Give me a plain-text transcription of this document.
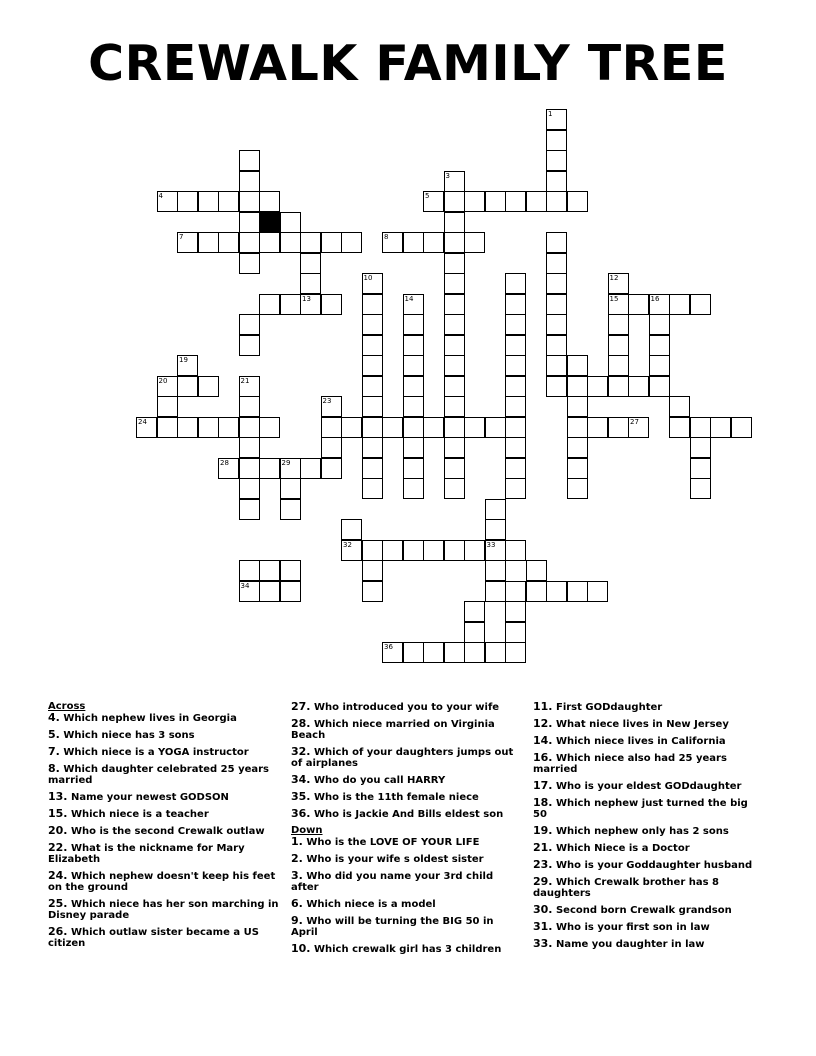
CREWALK FAMILY TREE
1
3
4	5
7	8
10	12
13	14	15	16
19
20	21
23
24	27
28	29
32	33
34
36
Across
4. Which nephew lives in Georgia
5. Which niece has 3 sons
7. Which niece is a YOGA instructor
8. Which daughter celebrated 25 years married
13. Name your newest GODSON
15. Which niece is a teacher
20. Who is the second Crewalk outlaw
22. What is the nickname for Mary Elizabeth
24. Which nephew doesn't keep his feet on the ground
25. Which niece has her son marching in Disney parade
26. Which outlaw sister became a US citizen
27. Who introduced you to your wife
28. Which niece married on Virginia Beach
32. Which of your daughters jumps out of airplanes
34. Who do you call HARRY
35. Who is the 11th female niece
36. Who is Jackie And Bills eldest son
Down
1. Who is the LOVE OF YOUR LIFE
2. Who is your wife s oldest sister
3. Who did you name your 3rd child after
6. Which niece is a model
9. Who will be turning the BIG 50 in April
10. Which crewalk girl has 3 children
11. First GODdaughter
12. What niece lives in New Jersey
14. Which niece lives in California
16. Which niece also had 25 years married
17. Who is your eldest GODdaughter
18. Which nephew just turned the big 50
19. Which nephew only has 2 sons
21. Which Niece is a Doctor
23. Who is your Goddaughter husband
29. Which Crewalk brother has 8 daughters
30. Second born Crewalk grandson
31. Who is your first son in law
33. Name you daughter in law
